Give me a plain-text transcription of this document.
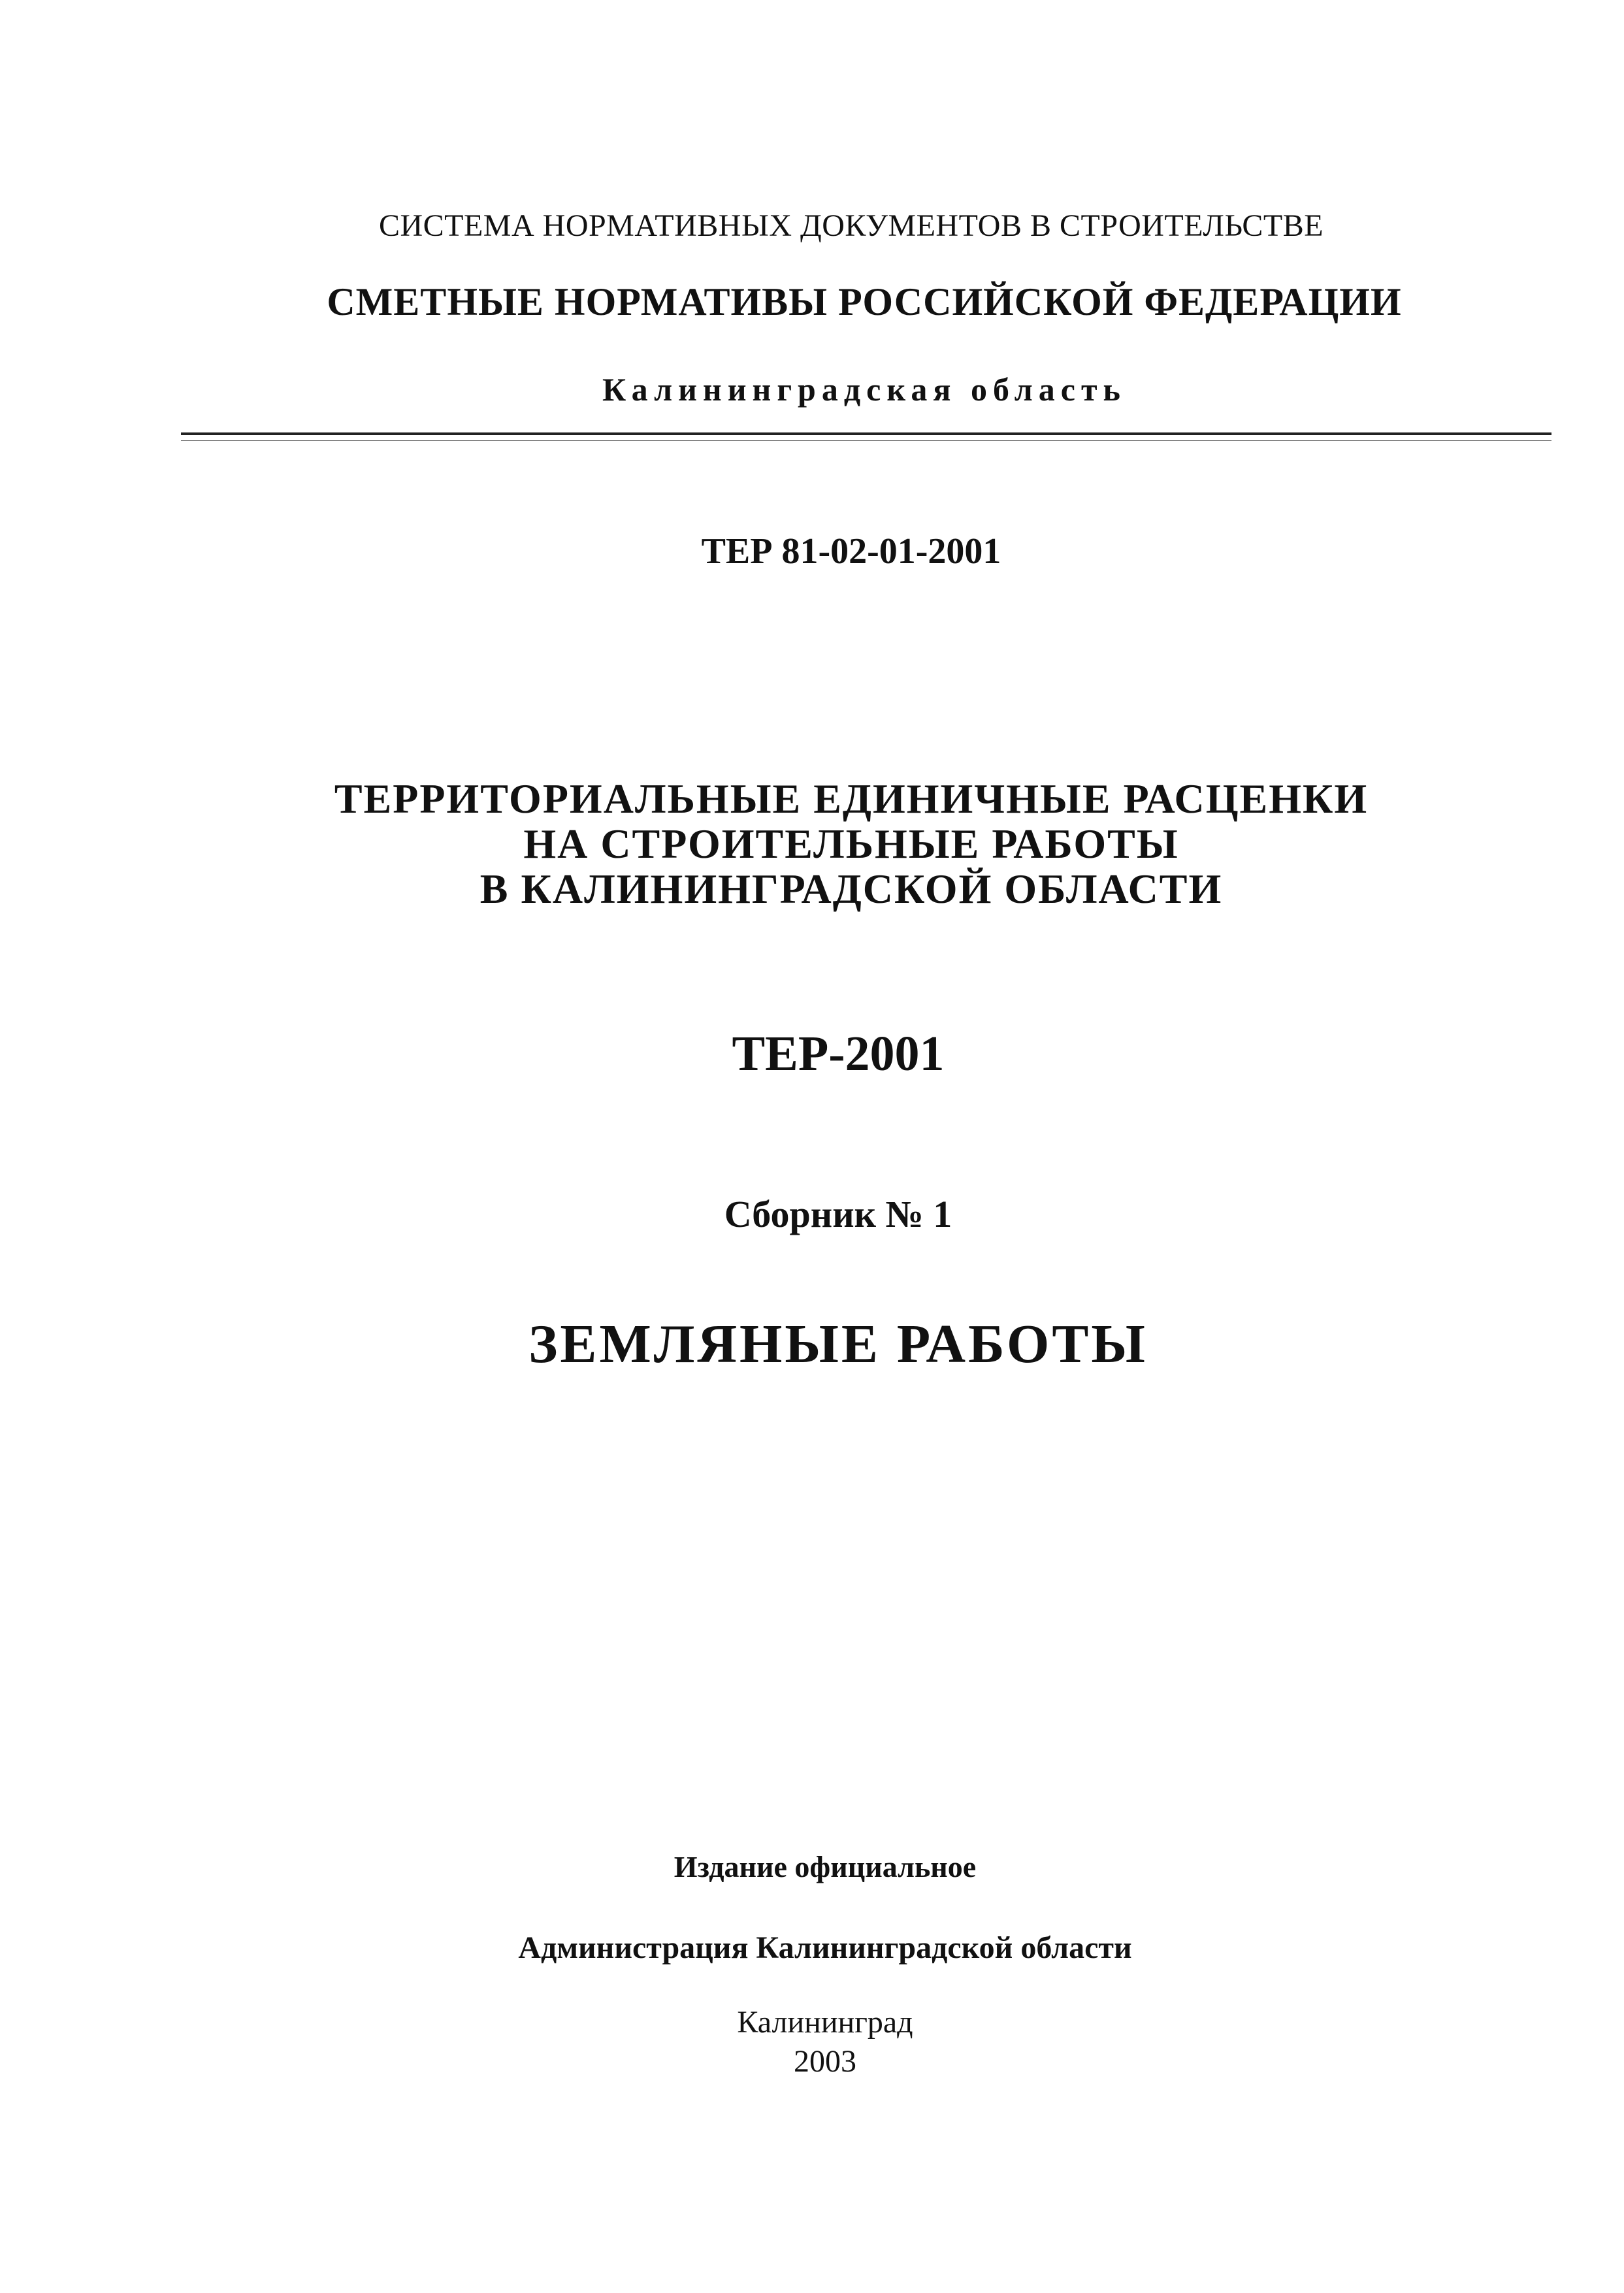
СИСТЕМА НОРМАТИВНЫХ ДОКУМЕНТОВ В СТРОИТЕЛЬСТВЕ
СМЕТНЫЕ НОРМАТИВЫ РОССИЙСКОЙ ФЕДЕРАЦИИ
Калининградская область
ТЕР 81-02-01-2001
ТЕРРИТОРИАЛЬНЫЕ ЕДИНИЧНЫЕ РАСЦЕНКИ
НА СТРОИТЕЛЬНЫЕ РАБОТЫ
В КАЛИНИНГРАДСКОЙ ОБЛАСТИ
ТЕР-2001
Сборник № 1
ЗЕМЛЯНЫЕ РАБОТЫ
Издание официальное
Администрация Калининградской области
Калининград
2003
